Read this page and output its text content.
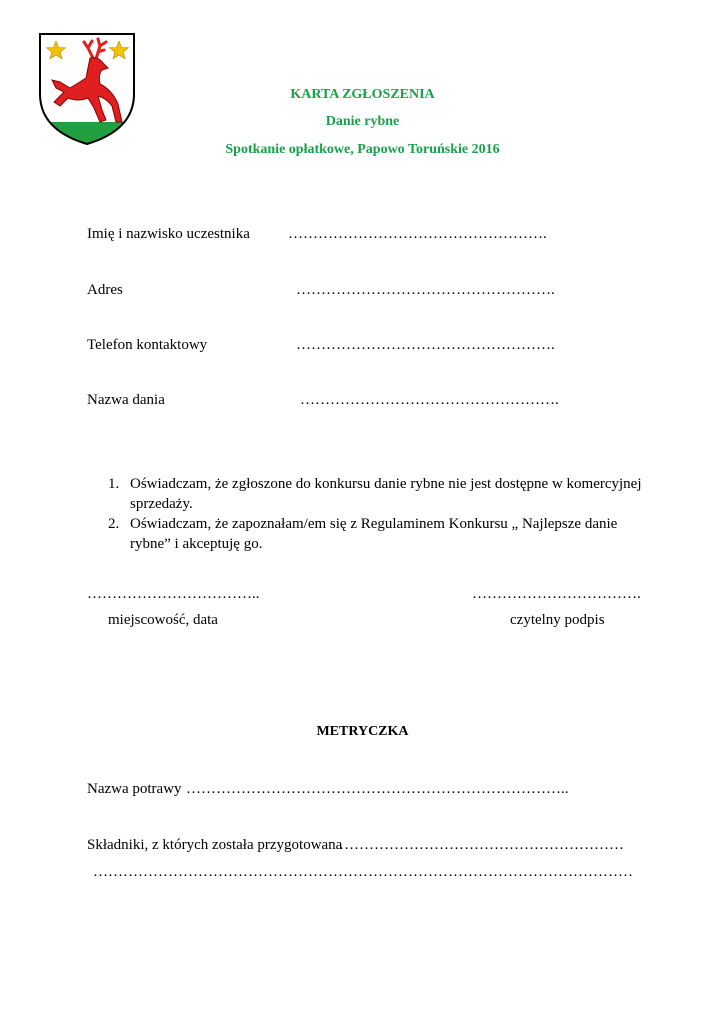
KARTA ZGŁOSZENIA
Danie rybne
Spotkanie opłatkowe, Papowo Toruńskie 2016
Imię i nazwisko uczestnika	…………………………………………….
Adres	…………………………………………….
Telefon kontaktowy	…………………………………………….
Nazwa dania	…………………………………………….
1. Oświadczam, że zgłoszone do konkursu danie rybne nie jest dostępne w komercyjnej sprzedaży.
2. Oświadczam, że zapoznałam/em się z Regulaminem Konkursu „ Najlepsze danie rybne” i akceptuję go.
……………………………..	…………………………….
miejscowość, data	czytelny podpis
METRYCZKA
Nazwa potrawy …………………………………………………………………..
Składniki, z których została przygotowana
…………………………………………………
………………………………………………………………………………………………
